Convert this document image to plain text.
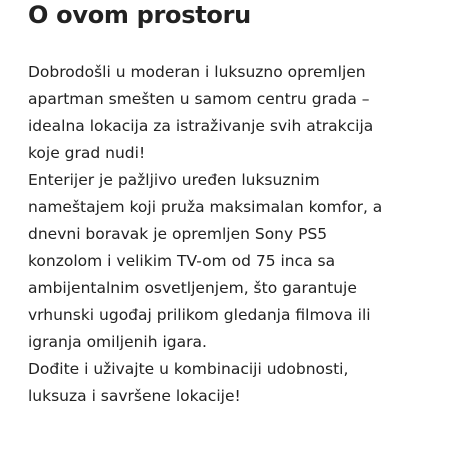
O ovom prostoru
Dobrodošli u moderan i luksuzno opremljen
apartman smešten u samom centru grada –
idealna lokacija za istraživanje svih atrakcija
koje grad nudi!
Enterijer je pažljivo uređen luksuznim
nameštajem koji pruža maksimalan komfor, a
dnevni boravak je opremljen Sony PS5
konzolom i velikim TV-om od 75 inca sa
ambijentalnim osvetljenjem, što garantuje
vrhunski ugođaj prilikom gledanja filmova ili
igranja omiljenih igara.
Dođite i uživajte u kombinaciji udobnosti,
luksuza i savršene lokacije!
